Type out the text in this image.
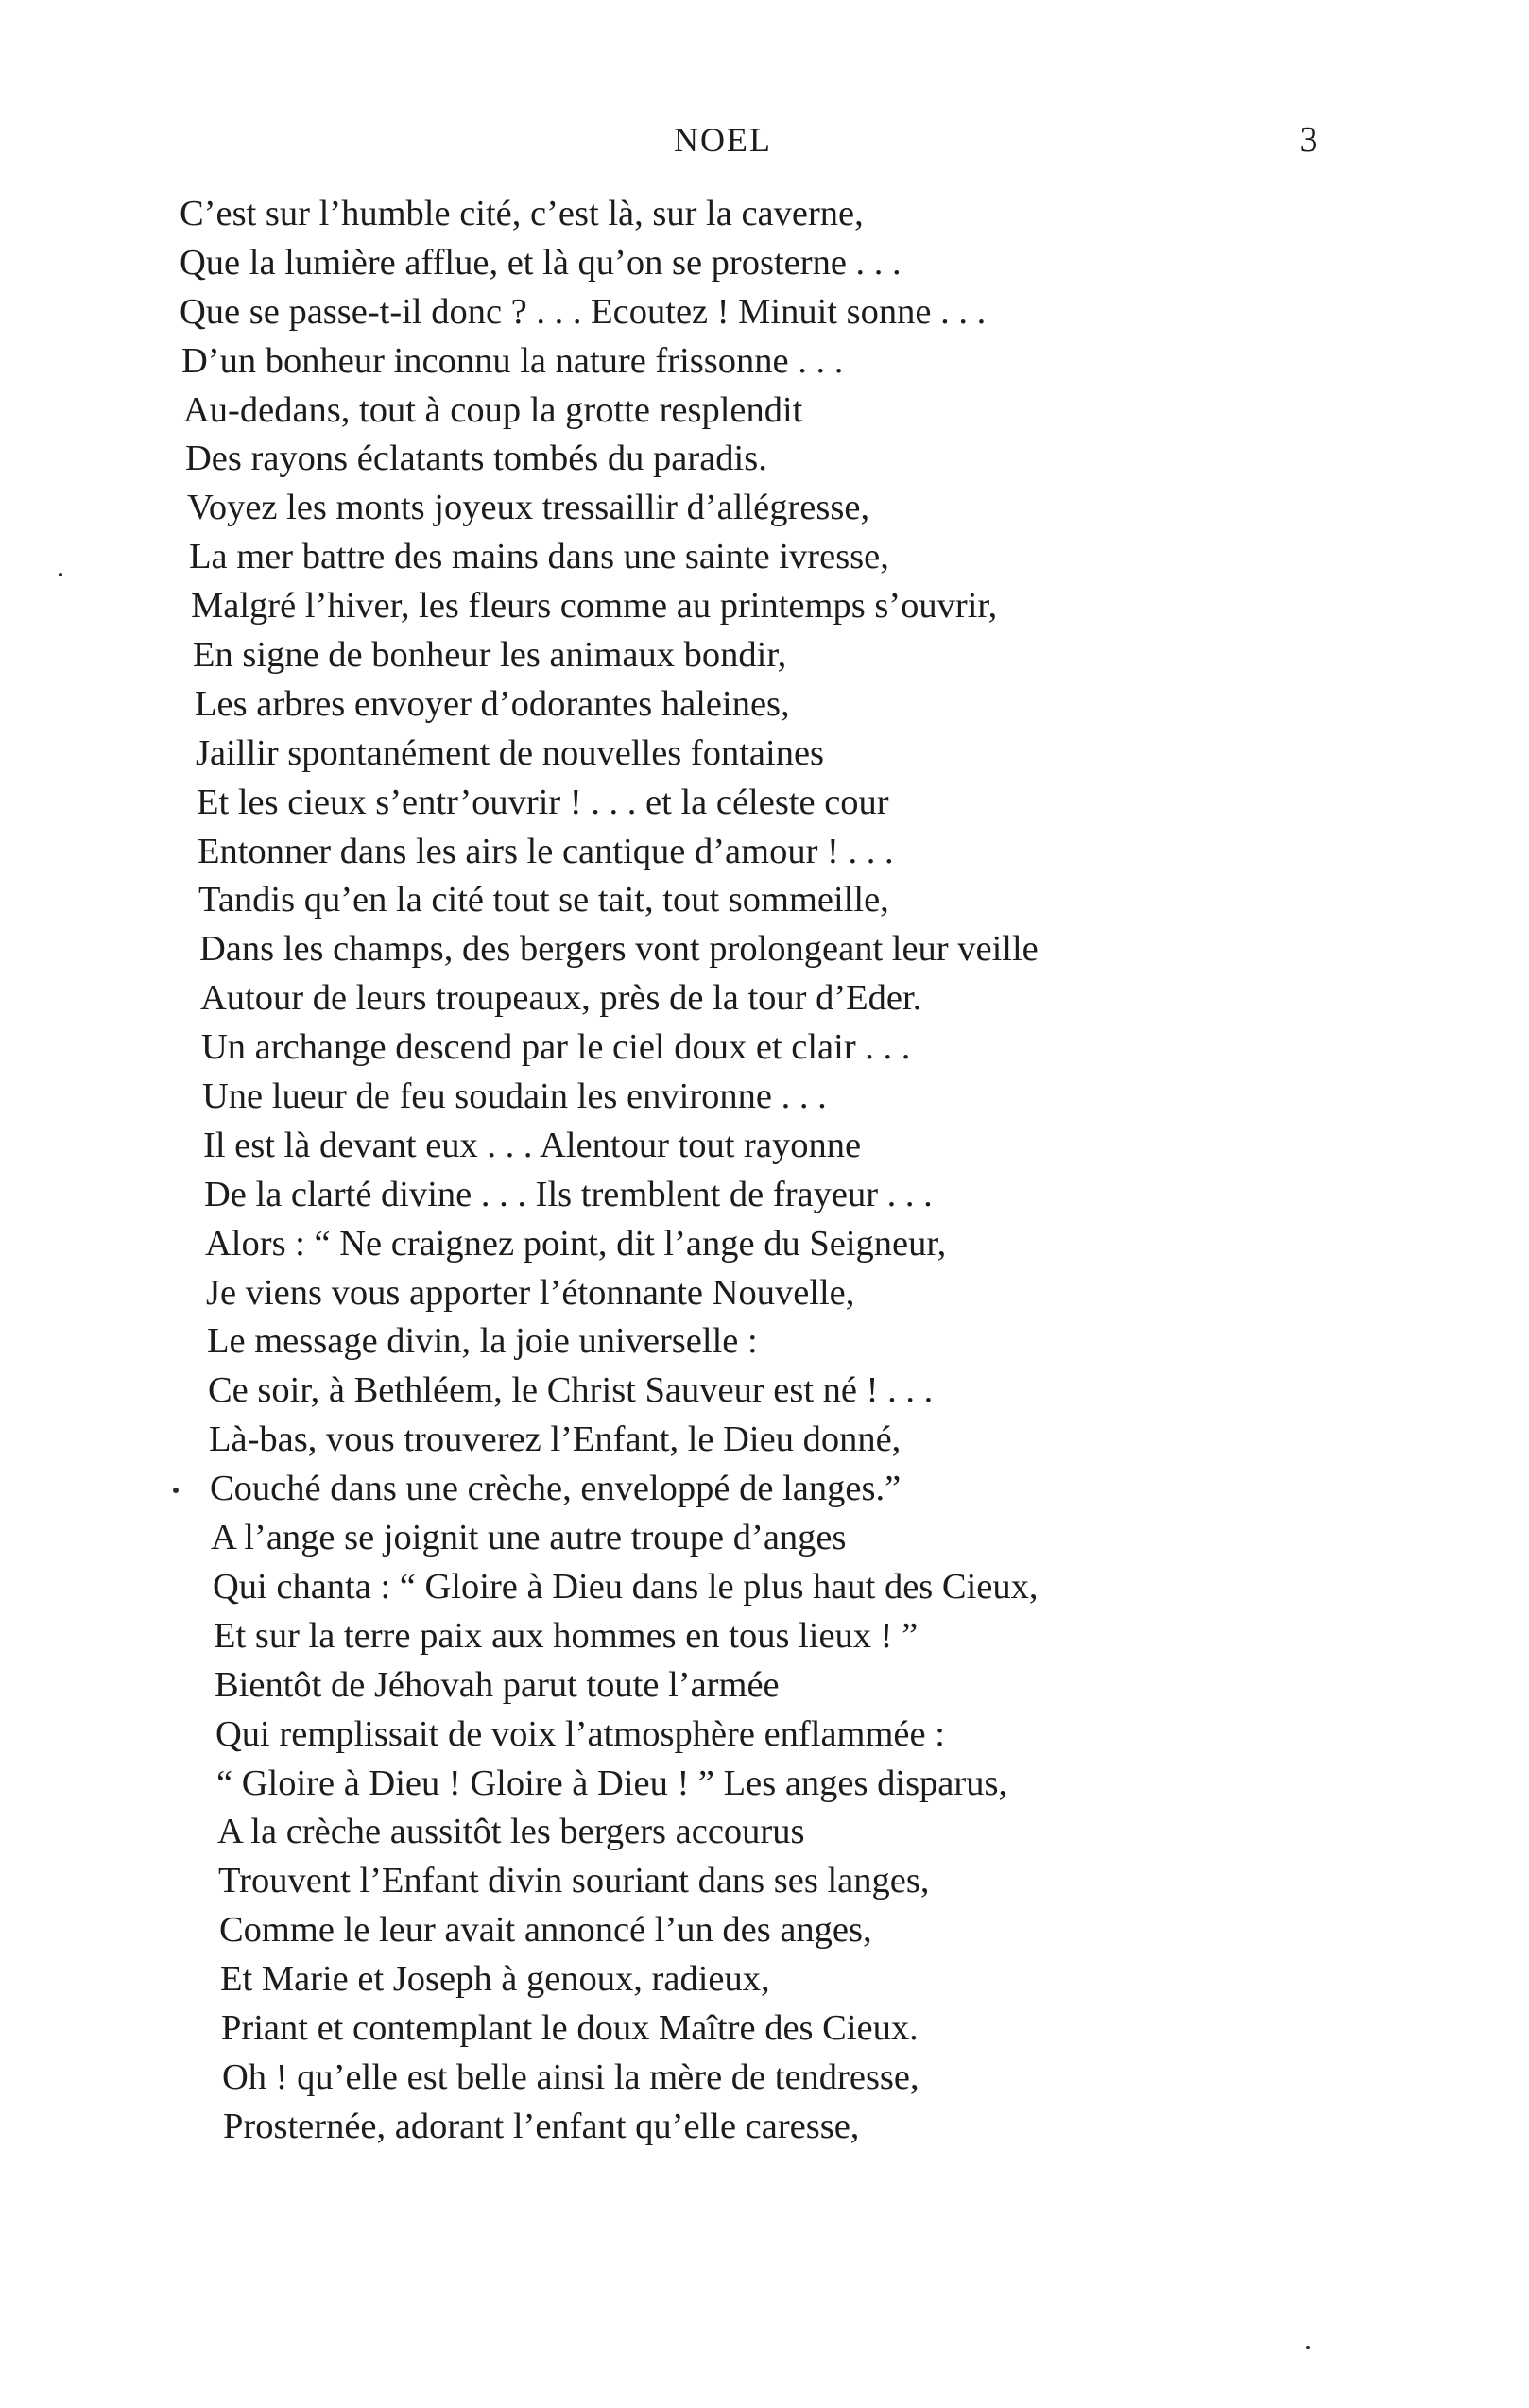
NOEL	3
C’est sur l’humble cité, c’est là, sur la caverne,
Que la lumière afflue, et là qu’on se prosterne . . .
Que se passe-t-il donc ? . . . Ecoutez ! Minuit sonne . . .
D’un bonheur inconnu la nature frissonne . . .
Au-dedans, tout à coup la grotte resplendit
Des rayons éclatants tombés du paradis.
Voyez les monts joyeux tressaillir d’allégresse,
La mer battre des mains dans une sainte ivresse,
Malgré l’hiver, les fleurs comme au printemps s’ouvrir,
En signe de bonheur les animaux bondir,
Les arbres envoyer d’odorantes haleines,
Jaillir spontanément de nouvelles fontaines
Et les cieux s’entr’ouvrir ! . . . et la céleste cour
Entonner dans les airs le cantique d’amour ! . . .
Tandis qu’en la cité tout se tait, tout sommeille,
Dans les champs, des bergers vont prolongeant leur veille
Autour de leurs troupeaux, près de la tour d’Eder.
Un archange descend par le ciel doux et clair . . .
Une lueur de feu soudain les environne . . .
Il est là devant eux . . . Alentour tout rayonne
De la clarté divine . . . Ils tremblent de frayeur . . .
Alors : “ Ne craignez point, dit l’ange du Seigneur,
Je viens vous apporter l’étonnante Nouvelle,
Le message divin, la joie universelle :
Ce soir, à Bethléem, le Christ Sauveur est né ! . . .
Là-bas, vous trouverez l’Enfant, le Dieu donné,
Couché dans une crèche, enveloppé de langes.”
A l’ange se joignit une autre troupe d’anges
Qui chanta : “ Gloire à Dieu dans le plus haut des Cieux,
Et sur la terre paix aux hommes en tous lieux ! ”
Bientôt de Jéhovah parut toute l’armée
Qui remplissait de voix l’atmosphère enflammée :
“ Gloire à Dieu ! Gloire à Dieu ! ” Les anges disparus,
A la crèche aussitôt les bergers accourus
Trouvent l’Enfant divin souriant dans ses langes,
Comme le leur avait annoncé l’un des anges,
Et Marie et Joseph à genoux, radieux,
Priant et contemplant le doux Maître des Cieux.
Oh ! qu’elle est belle ainsi la mère de tendresse,
Prosternée, adorant l’enfant qu’elle caresse,
